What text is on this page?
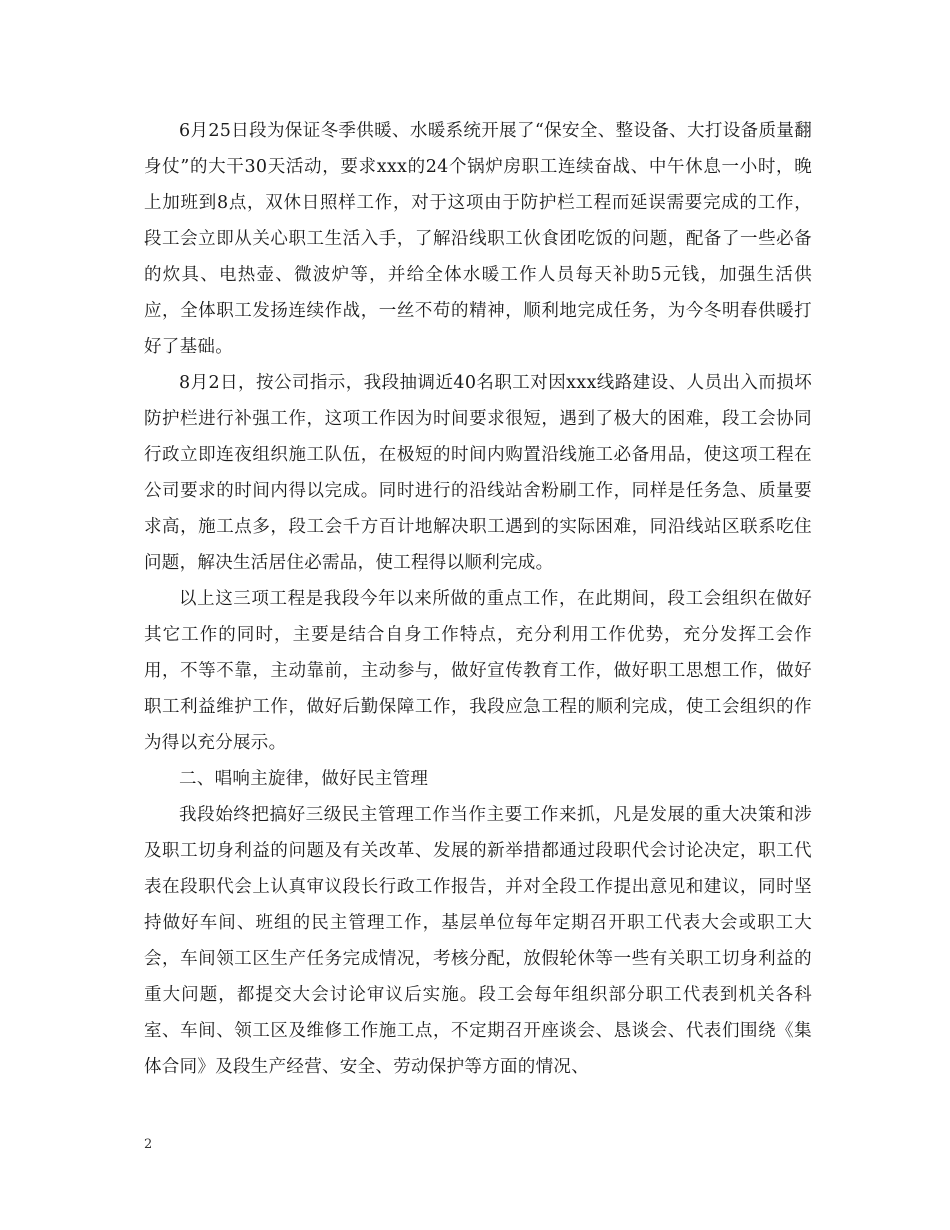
6月25日段为保证冬季供暖、水暖系统开展了“保安全、整设备、大打设备质量翻身仗”的大干30天活动，要求xxx的24个锅炉房职工连续奋战、中午休息一小时，晚上加班到8点，双休日照样工作，对于这项由于防护栏工程而延误需要完成的工作，段工会立即从关心职工生活入手，了解沿线职工伙食团吃饭的问题，配备了一些必备的炊具、电热壶、微波炉等，并给全体水暖工作人员每天补助5元钱，加强生活供应，全体职工发扬连续作战，一丝不苟的精神，顺利地完成任务，为今冬明春供暖打好了基础。

8月2日，按公司指示，我段抽调近40名职工对因xxx线路建设、人员出入而损坏防护栏进行补强工作，这项工作因为时间要求很短，遇到了极大的困难，段工会协同行政立即连夜组织施工队伍，在极短的时间内购置沿线施工必备用品，使这项工程在公司要求的时间内得以完成。同时进行的沿线站舍粉刷工作，同样是任务急、质量要求高，施工点多，段工会千方百计地解决职工遇到的实际困难，同沿线站区联系吃住问题，解决生活居住必需品，使工程得以顺利完成。

以上这三项工程是我段今年以来所做的重点工作，在此期间，段工会组织在做好其它工作的同时，主要是结合自身工作特点，充分利用工作优势，充分发挥工会作用，不等不靠，主动靠前，主动参与，做好宣传教育工作，做好职工思想工作，做好职工利益维护工作，做好后勤保障工作，我段应急工程的顺利完成，使工会组织的作为得以充分展示。

二、唱响主旋律，做好民主管理

我段始终把搞好三级民主管理工作当作主要工作来抓，凡是发展的重大决策和涉及职工切身利益的问题及有关改革、发展的新举措都通过段职代会讨论决定，职工代表在段职代会上认真审议段长行政工作报告，并对全段工作提出意见和建议，同时坚持做好车间、班组的民主管理工作，基层单位每年定期召开职工代表大会或职工大会，车间领工区生产任务完成情况，考核分配，放假轮休等一些有关职工切身利益的重大问题，都提交大会讨论审议后实施。段工会每年组织部分职工代表到机关各科室、车间、领工区及维修工作施工点，不定期召开座谈会、恳谈会、代表们围绕《集体合同》及段生产经营、安全、劳动保护等方面的情况、

2
